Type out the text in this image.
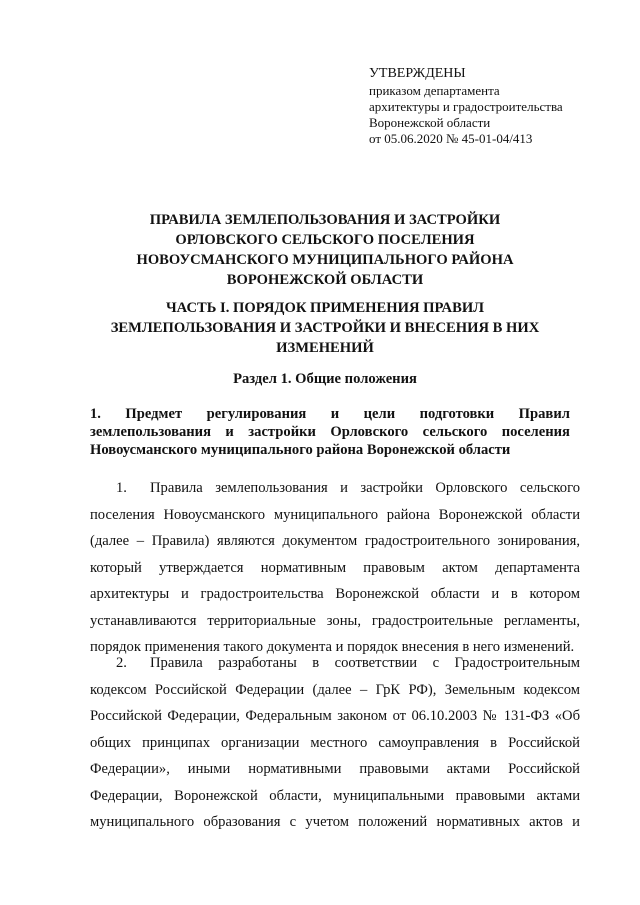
УТВЕРЖДЕНЫ
приказом департамента
архитектуры и градостроительства
Воронежской области
от 05.06.2020 № 45-01-04/413
ПРАВИЛА ЗЕМЛЕПОЛЬЗОВАНИЯ И ЗАСТРОЙКИ
ОРЛОВСКОГО СЕЛЬСКОГО ПОСЕЛЕНИЯ
НОВОУСМАНСКОГО МУНИЦИПАЛЬНОГО РАЙОНА
ВОРОНЕЖСКОЙ ОБЛАСТИ
ЧАСТЬ I. ПОРЯДОК ПРИМЕНЕНИЯ ПРАВИЛ
ЗЕМЛЕПОЛЬЗОВАНИЯ И ЗАСТРОЙКИ И ВНЕСЕНИЯ В НИХ
ИЗМЕНЕНИЙ
Раздел 1. Общие положения
1. Предмет регулирования и цели подготовки Правил
землепользования и застройки Орловского сельского поселения
Новоусманского муниципального района Воронежской области
1.	Правила землепользования и застройки Орловского сельского
поселения Новоусманского муниципального района Воронежской области
(далее – Правила) являются документом градостроительного зонирования,
который утверждается нормативным правовым актом департамента
архитектуры и градостроительства Воронежской области и в котором
устанавливаются территориальные зоны, градостроительные регламенты,
порядок применения такого документа и порядок внесения в него изменений.
2.	Правила разработаны в соответствии с Градостроительным
кодексом Российской Федерации (далее – ГрК РФ), Земельным кодексом
Российской Федерации, Федеральным законом от 06.10.2003 № 131-ФЗ «Об
общих принципах организации местного самоуправления в Российской
Федерации», иными нормативными правовыми актами Российской
Федерации, Воронежской области, муниципальными правовыми актами
муниципального образования с учетом положений нормативных актов и
